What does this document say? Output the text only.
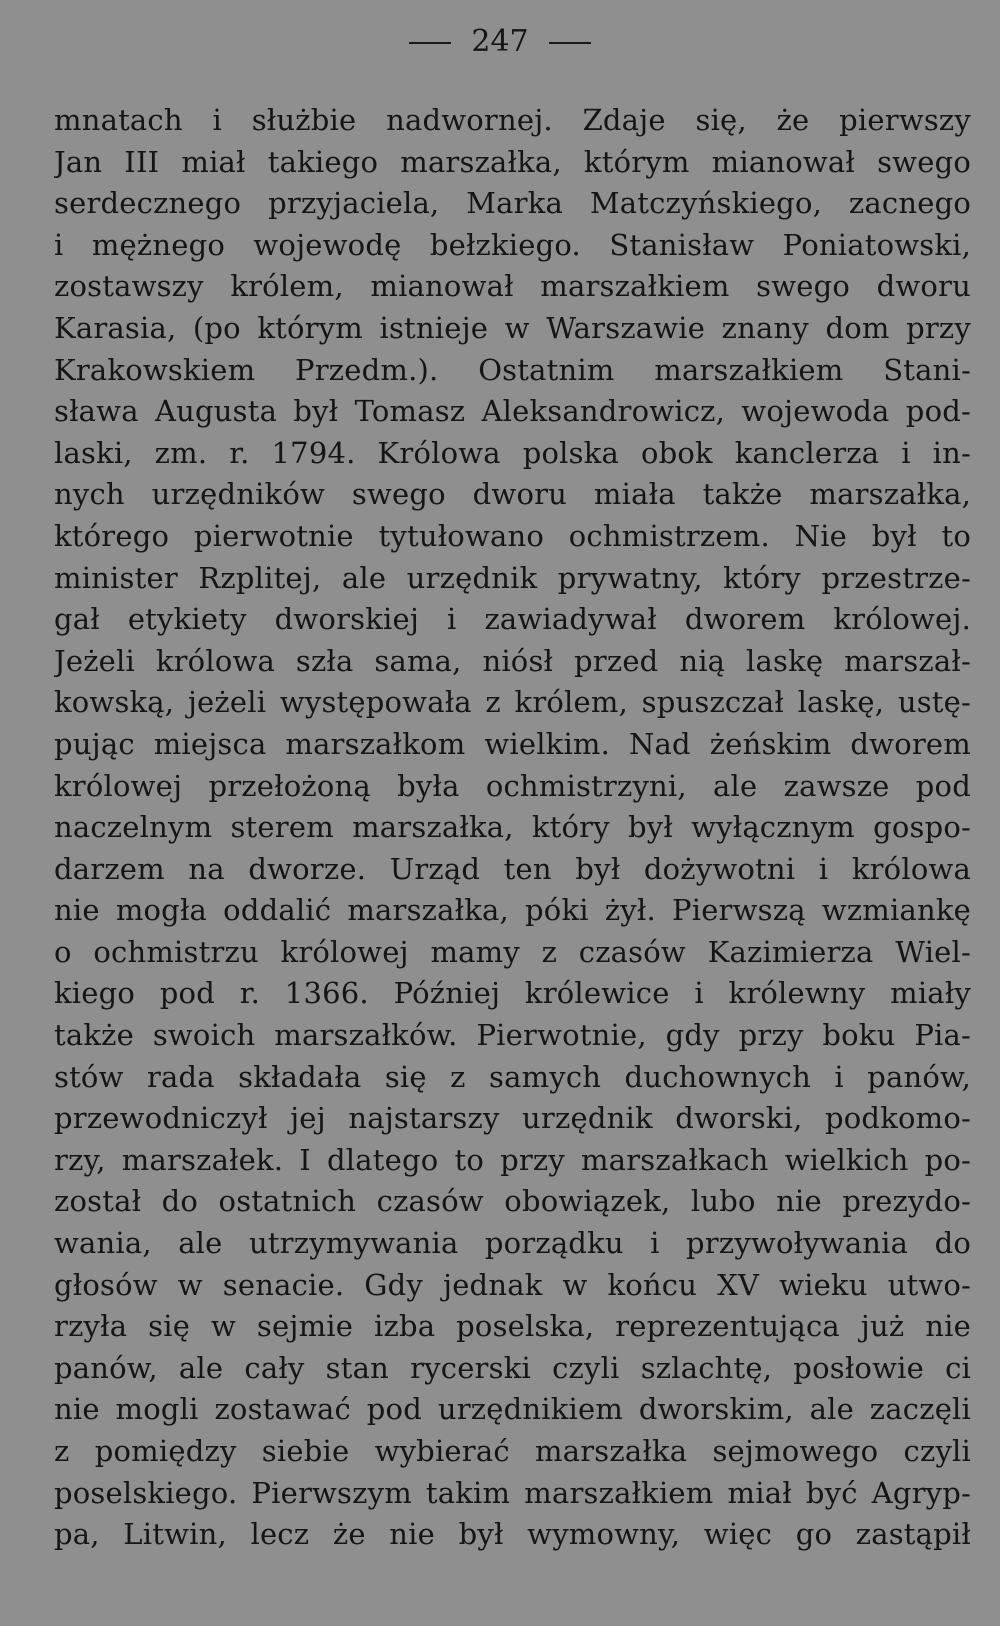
247
mnatach i służbie nadwornej. Zdaje się, że pierwszy
Jan III miał takiego marszałka, którym mianował swego
serdecznego przyjaciela, Marka Matczyńskiego, zacnego
i mężnego wojewodę bełzkiego. Stanisław Poniatowski,
zostawszy królem, mianował marszałkiem swego dworu
Karasia, (po którym istnieje w Warszawie znany dom przy
Krakowskiem Przedm.). Ostatnim marszałkiem Stani-
sława Augusta był Tomasz Aleksandrowicz, wojewoda pod-
laski, zm. r. 1794. Królowa polska obok kanclerza i in-
nych urzędników swego dworu miała także marszałka,
którego pierwotnie tytułowano ochmistrzem. Nie był to
minister Rzplitej, ale urzędnik prywatny, który przestrze-
gał etykiety dworskiej i zawiadywał dworem królowej.
Jeżeli królowa szła sama, niósł przed nią laskę marszał-
kowską, jeżeli występowała z królem, spuszczał laskę, ustę-
pując miejsca marszałkom wielkim. Nad żeńskim dworem
królowej przełożoną była ochmistrzyni, ale zawsze pod
naczelnym sterem marszałka, który był wyłącznym gospo-
darzem na dworze. Urząd ten był dożywotni i królowa
nie mogła oddalić marszałka, póki żył. Pierwszą wzmiankę
o ochmistrzu królowej mamy z czasów Kazimierza Wiel-
kiego pod r. 1366. Później królewice i królewny miały
także swoich marszałków. Pierwotnie, gdy przy boku Pia-
stów rada składała się z samych duchownych i panów,
przewodniczył jej najstarszy urzędnik dworski, podkomo-
rzy, marszałek. I dlatego to przy marszałkach wielkich po-
został do ostatnich czasów obowiązek, lubo nie prezydo-
wania, ale utrzymywania porządku i przywoływania do
głosów w senacie. Gdy jednak w końcu XV wieku utwo-
rzyła się w sejmie izba poselska, reprezentująca już nie
panów, ale cały stan rycerski czyli szlachtę, posłowie ci
nie mogli zostawać pod urzędnikiem dworskim, ale zaczęli
z pomiędzy siebie wybierać marszałka sejmowego czyli
poselskiego. Pierwszym takim marszałkiem miał być Agryp-
pa, Litwin, lecz że nie był wymowny, więc go zastąpił
